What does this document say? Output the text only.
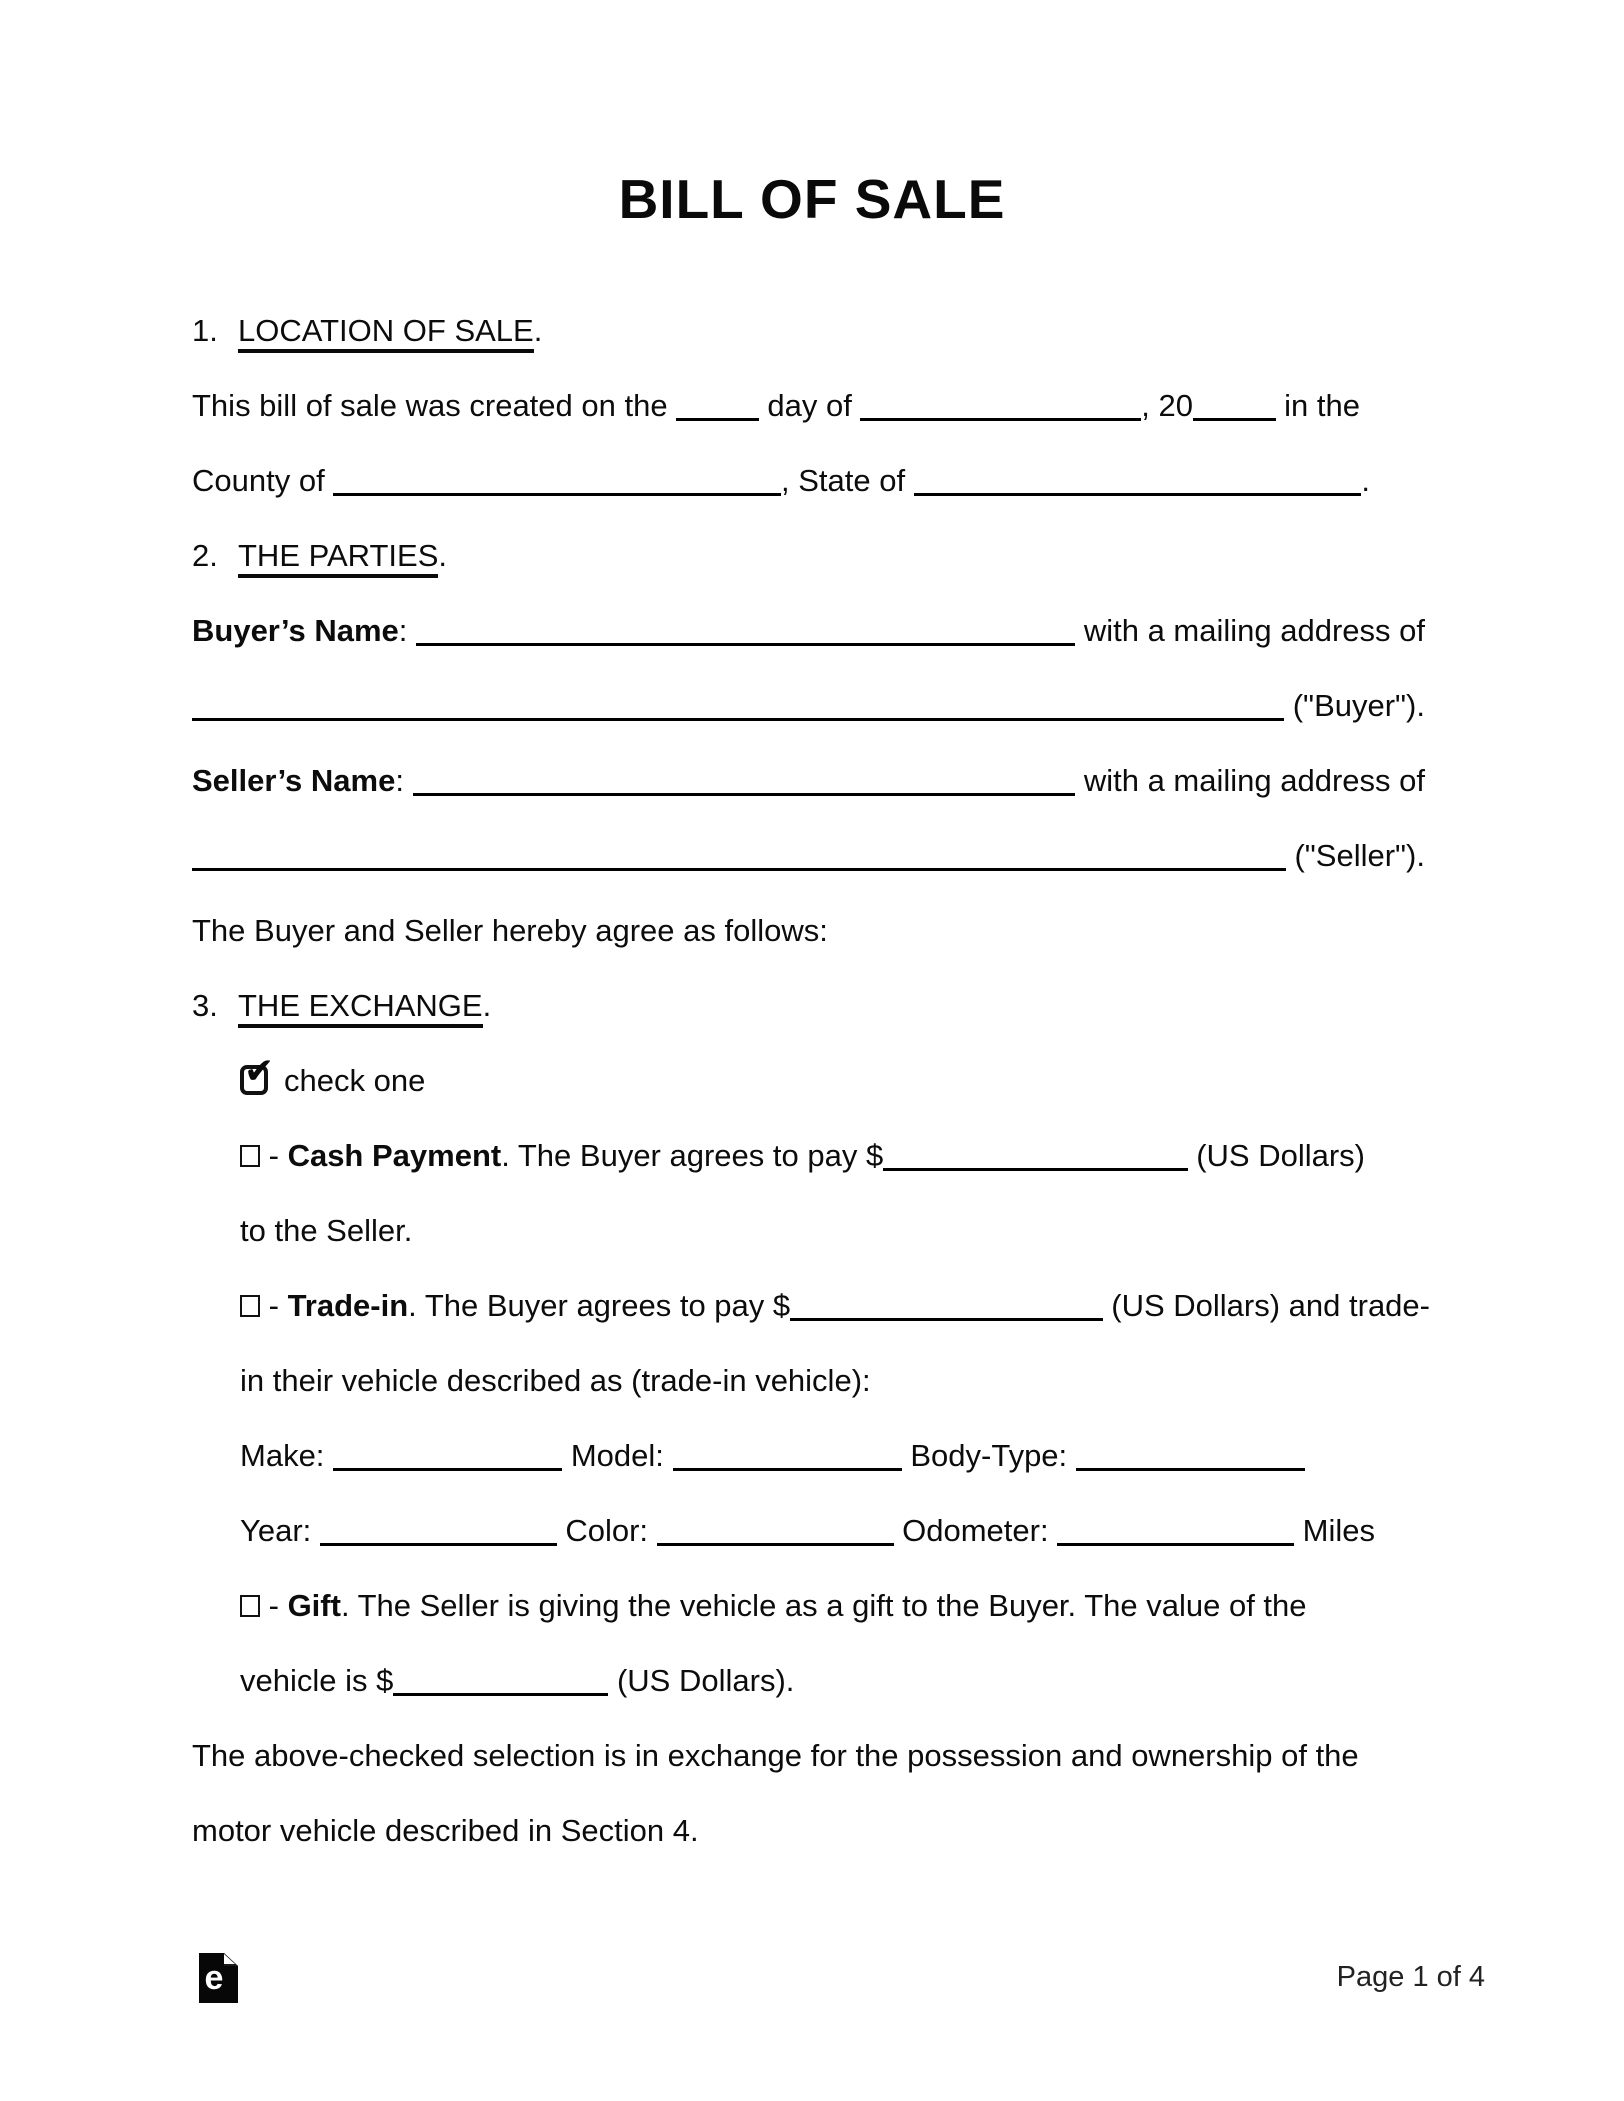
BILL OF SALE
1. LOCATION OF SALE.
This bill of sale was created on the	day of	, 20	in the
County of	, State of	.
2. THE PARTIES.
Buyer’s Name :	with a mailing address of
("Buyer").
Seller’s Name :	with a mailing address of
("Seller").
The Buyer and Seller hereby agree as follows:
3. THE EXCHANGE.
✔ check one
- Cash Payment . The Buyer agrees to pay $	(US Dollars)
to the Seller.
- Trade-in . The Buyer agrees to pay $	(US Dollars) and trade-
in their vehicle described as (trade-in vehicle):
Make:	Model:	Body-Type:
Year:	Color:	Odometer:	Miles
- Gift. The Seller is giving the vehicle as a gift to the Buyer. The value of the
vehicle is $	(US Dollars).
The above-checked selection is in exchange for the possession and ownership of the
motor vehicle described in Section 4.
e	Page 1 of 4
